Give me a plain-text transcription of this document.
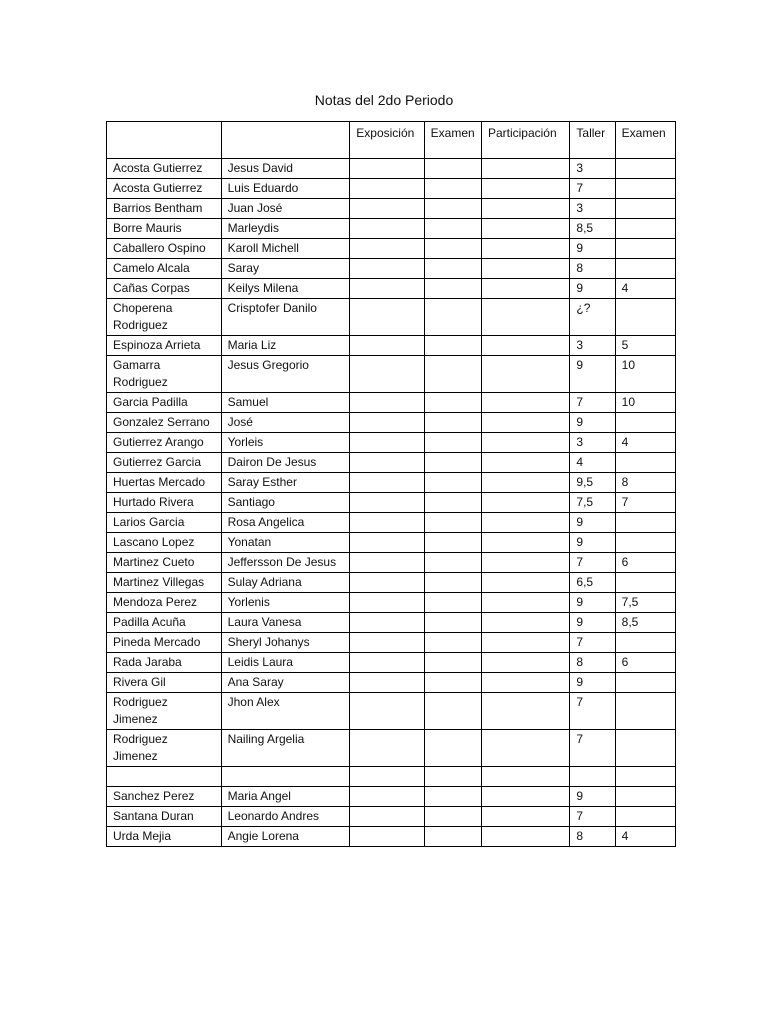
Notas del 2do Periodo
		Exposición	Examen	Participación	Taller	Examen
Acosta Gutierrez	Jesus David				3	
Acosta Gutierrez	Luis Eduardo				7	
Barrios Bentham	Juan José				3	
Borre Mauris	Marleydis				8,5	
Caballero Ospino	Karoll Michell				9	
Camelo Alcala	Saray				8	
Cañas Corpas	Keilys Milena				9	4
Choperena Rodriguez	Crisptofer Danilo				¿?	
Espinoza Arrieta	Maria Liz				3	5
Gamarra Rodriguez	Jesus Gregorio				9	10
Garcia Padilla	Samuel				7	10
Gonzalez Serrano	José				9	
Gutierrez Arango	Yorleis				3	4
Gutierrez Garcia	Dairon De Jesus				4	
Huertas Mercado	Saray Esther				9,5	8
Hurtado Rivera	Santiago				7,5	7
Larios Garcia	Rosa Angelica				9	
Lascano Lopez	Yonatan				9	
Martinez Cueto	Jeffersson De Jesus				7	6
Martinez Villegas	Sulay Adriana				6,5	
Mendoza Perez	Yorlenis				9	7,5
Padilla Acuña	Laura Vanesa				9	8,5
Pineda Mercado	Sheryl Johanys				7	
Rada Jaraba	Leidis Laura				8	6
Rivera Gil	Ana Saray				9	
Rodriguez Jimenez	Jhon Alex				7	
Rodriguez Jimenez	Nailing Argelia				7	

Sanchez Perez	Maria Angel				9	
Santana Duran	Leonardo Andres				7	
Urda Mejia	Angie Lorena				8	4
